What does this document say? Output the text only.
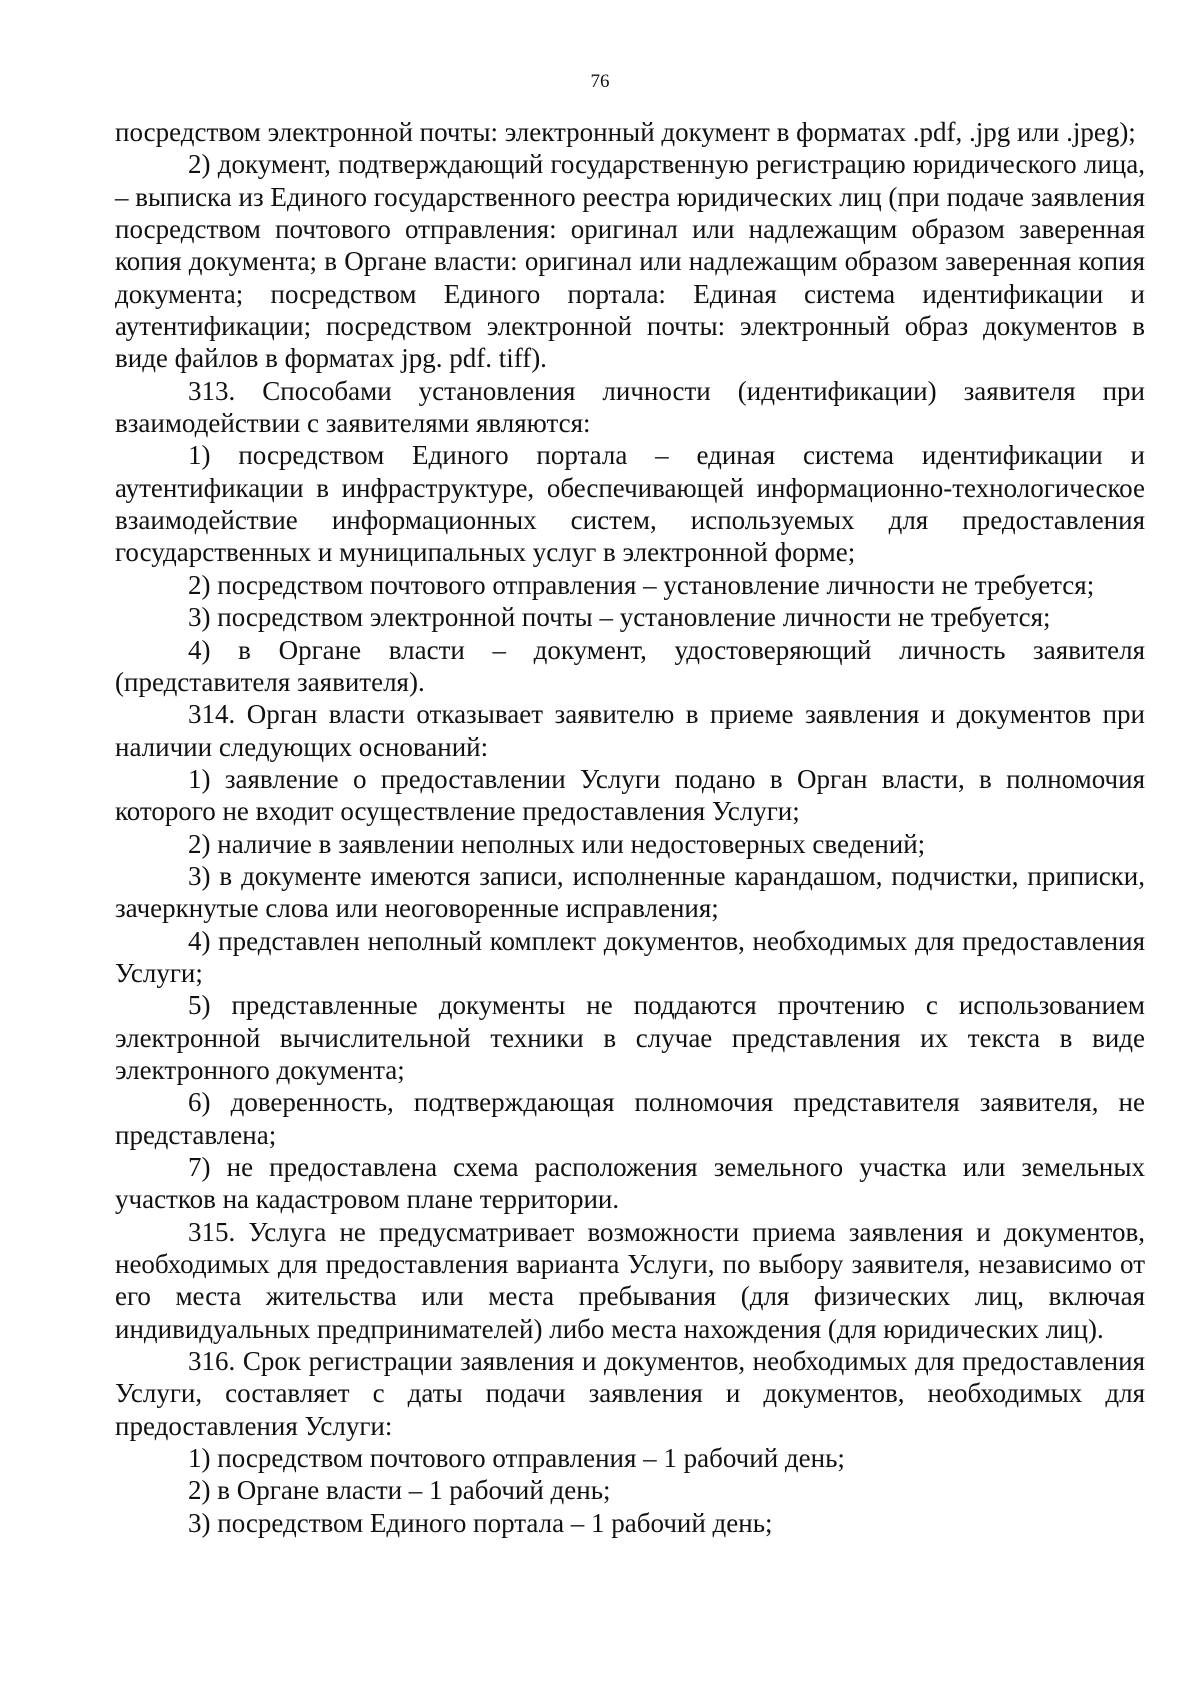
76

посредством электронной почты: электронный документ в форматах .pdf, .jpg или .jpeg);

2) документ, подтверждающий государственную регистрацию юридического лица, – выписка из Единого государственного реестра юридических лиц (при подаче заявления посредством почтового отправления: оригинал или надлежащим образом заверенная копия документа; в Органе власти: оригинал или надлежащим образом заверенная копия документа; посредством Единого портала: Единая система идентификации и аутентификации; посредством электронной почты: электронный образ документов в виде файлов в форматах jpg. pdf. tiff).

313. Способами установления личности (идентификации) заявителя при взаимодействии с заявителями являются:

1) посредством Единого портала – единая система идентификации и аутентификации в инфраструктуре, обеспечивающей информационно-технологическое взаимодействие информационных систем, используемых для предоставления государственных и муниципальных услуг в электронной форме;

2) посредством почтового отправления – установление личности не требуется;

3) посредством электронной почты – установление личности не требуется;

4) в Органе власти – документ, удостоверяющий личность заявителя (представителя заявителя).

314. Орган власти отказывает заявителю в приеме заявления и документов при наличии следующих оснований:

1) заявление о предоставлении Услуги подано в Орган власти, в полномочия которого не входит осуществление предоставления Услуги;

2) наличие в заявлении неполных или недостоверных сведений;

3) в документе имеются записи, исполненные карандашом, подчистки, приписки, зачеркнутые слова или неоговоренные исправления;

4) представлен неполный комплект документов, необходимых для предоставления Услуги;

5) представленные документы не поддаются прочтению с использованием электронной вычислительной техники в случае представления их текста в виде электронного документа;

6) доверенность, подтверждающая полномочия представителя заявителя, не представлена;

7) не предоставлена схема расположения земельного участка или земельных участков на кадастровом плане территории.

315. Услуга не предусматривает возможности приема заявления и документов, необходимых для предоставления варианта Услуги, по выбору заявителя, независимо от его места жительства или места пребывания (для физических лиц, включая индивидуальных предпринимателей) либо места нахождения (для юридических лиц).

316. Срок регистрации заявления и документов, необходимых для предоставления Услуги, составляет с даты подачи заявления и документов, необходимых для предоставления Услуги:

1) посредством почтового отправления – 1 рабочий день;

2) в Органе власти – 1 рабочий день;

3) посредством Единого портала – 1 рабочий день;
